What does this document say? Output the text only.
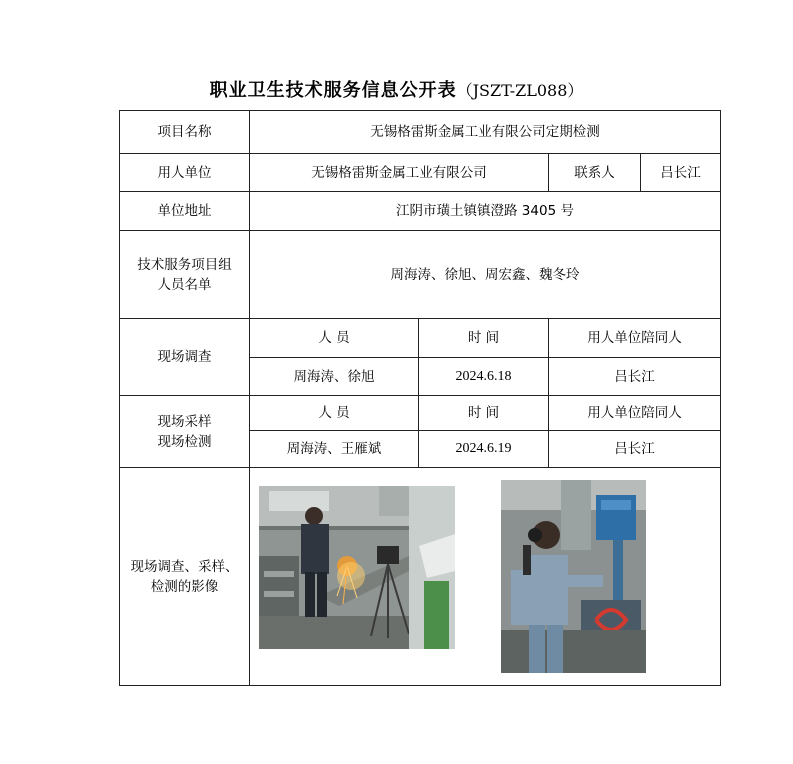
职业卫生技术服务信息公开表（JSZT-ZL088）
项目名称	无锡格雷斯金属工业有限公司定期检测			
用人单位	无锡格雷斯金属工业有限公司		联系人	吕长江
单位地址	江阴市璜土镇镇澄路 3405 号			

技术服务项目组
人员名单	周海涛、徐旭、周宏鑫、魏冬玲			
现场调查	人 员	时 间	用人单位陪同人	
	周海涛、徐旭	2024.6.18	吕长江	

现场采样
现场检测	人 员	时 间	用人单位陪同人	
	周海涛、王雁斌	2024.6.19	吕长江	

现场调查、采样、
检测的影像				
